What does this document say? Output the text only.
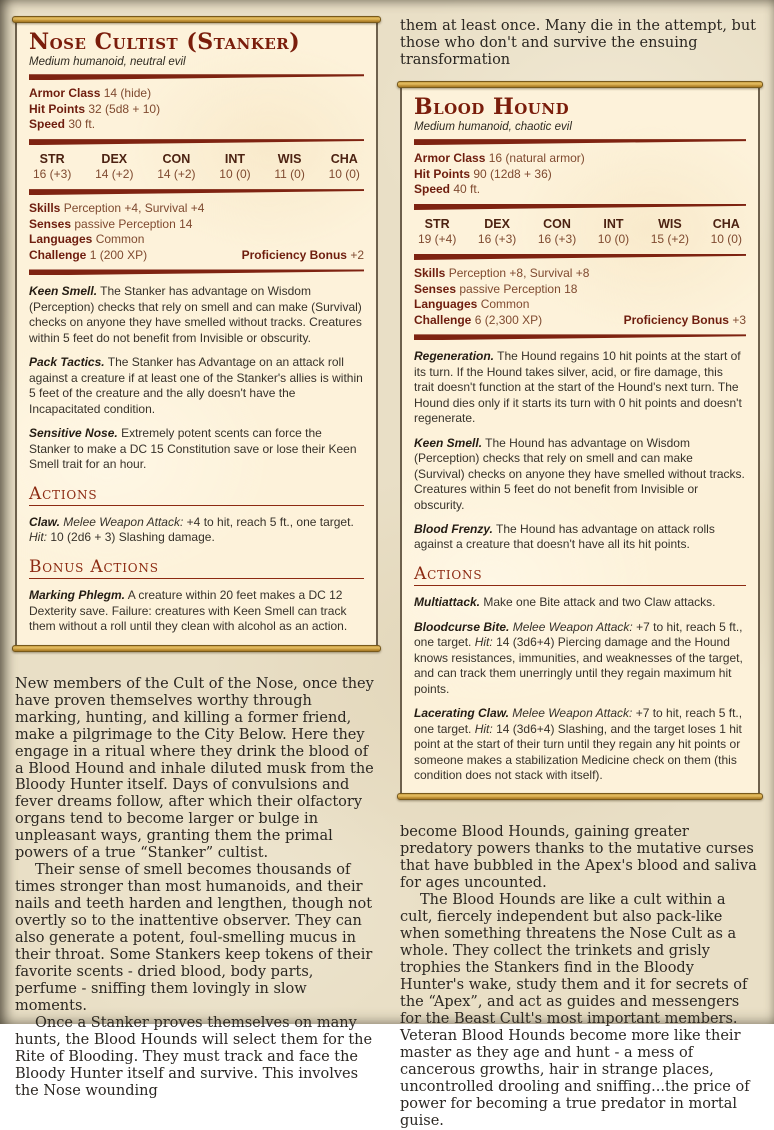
Nose Cultist (Stanker)
Medium humanoid, neutral evil
Armor Class 14 (hide)
Hit Points 32 (5d8 + 10)
Speed 30 ft.
STR
16 (+3)
DEX
14 (+2)
CON
14 (+2)
INT
10 (0)
WIS
11 (0)
CHA
10 (0)
Skills Perception +4, Survival +4
Senses passive Perception 14
Languages Common
Challenge 1 (200 XP)	Proficiency Bonus +2

Keen Smell. The Stanker has advantage on Wisdom (Perception) checks that rely on smell and can make (Survival) checks on anyone they have smelled without tracks. Creatures within 5 feet do not benefit from Invisible or obscurity.

Pack Tactics. The Stanker has Advantage on an attack roll against a creature if at least one of the Stanker's allies is within 5 feet of the creature and the ally doesn't have the Incapacitated condition.

Sensitive Nose. Extremely potent scents can force the Stanker to make a DC 15 Constitution save or lose their Keen Smell trait for an hour.

Actions

Claw. Melee Weapon Attack: +4 to hit, reach 5 ft., one target. Hit: 10 (2d6 + 3) Slashing damage.

Bonus Actions

Marking Phlegm. A creature within 20 feet makes a DC 12 Dexterity save. Failure: creatures with Keen Smell can track them without a roll until they clean with alcohol as an action.

New members of the Cult of the Nose, once they have proven themselves worthy through marking, hunting, and killing a former friend, make a pilgrimage to the City Below. Here they engage in a ritual where they drink the blood of a Blood Hound and inhale diluted musk from the Bloody Hunter itself. Days of convulsions and fever dreams follow, after which their olfactory organs tend to become larger or bulge in unpleasant ways, granting them the primal powers of a true “Stanker” cultist.

Their sense of smell becomes thousands of times stronger than most humanoids, and their nails and teeth harden and lengthen, though not overtly so to the inattentive observer. They can also generate a potent, foul-smelling mucus in their throat. Some Stankers keep tokens of their favorite scents - dried blood, body parts, perfume - sniffing them lovingly in slow moments.

Once a Stanker proves themselves on many hunts, the Blood Hounds will select them for the Rite of Blooding. They must track and face the Bloody Hunter itself and survive. This involves the Nose wounding

them at least once. Many die in the attempt, but those who don't and survive the ensuing transformation

Blood Hound
Medium humanoid, chaotic evil
Armor Class 16 (natural armor)
Hit Points 90 (12d8 + 36)
Speed 40 ft.
STR
19 (+4)
DEX
16 (+3)
CON
16 (+3)
INT
10 (0)
WIS
15 (+2)
CHA
10 (0)
Skills Perception +8, Survival +8
Senses passive Perception 18
Languages Common
Challenge 6 (2,300 XP)	Proficiency Bonus +3

Regeneration. The Hound regains 10 hit points at the start of its turn. If the Hound takes silver, acid, or fire damage, this trait doesn't function at the start of the Hound's next turn. The Hound dies only if it starts its turn with 0 hit points and doesn't regenerate.

Keen Smell. The Hound has advantage on Wisdom (Perception) checks that rely on smell and can make (Survival) checks on anyone they have smelled without tracks. Creatures within 5 feet do not benefit from Invisible or obscurity.

Blood Frenzy. The Hound has advantage on attack rolls against a creature that doesn't have all its hit points.

Actions

Multiattack. Make one Bite attack and two Claw attacks.

Bloodcurse Bite. Melee Weapon Attack: +7 to hit, reach 5 ft., one target. Hit: 14 (3d6+4) Piercing damage and the Hound knows resistances, immunities, and weaknesses of the target, and can track them unerringly until they regain maximum hit points.

Lacerating Claw. Melee Weapon Attack: +7 to hit, reach 5 ft., one target. Hit: 14 (3d6+4) Slashing, and the target loses 1 hit point at the start of their turn until they regain any hit points or someone makes a stabilization Medicine check on them (this condition does not stack with itself).

become Blood Hounds, gaining greater predatory powers thanks to the mutative curses that have bubbled in the Apex's blood and saliva for ages uncounted.

The Blood Hounds are like a cult within a cult, fiercely independent but also pack-like when something threatens the Nose Cult as a whole. They collect the trinkets and grisly trophies the Stankers find in the Bloody Hunter's wake, study them and it for secrets of the “Apex”, and act as guides and messengers for the Beast Cult's most important members. Veteran Blood Hounds become more like their master as they age and hunt - a mess of cancerous growths, hair in strange places, uncontrolled drooling and sniffing...the price of power for becoming a true predator in mortal guise.
